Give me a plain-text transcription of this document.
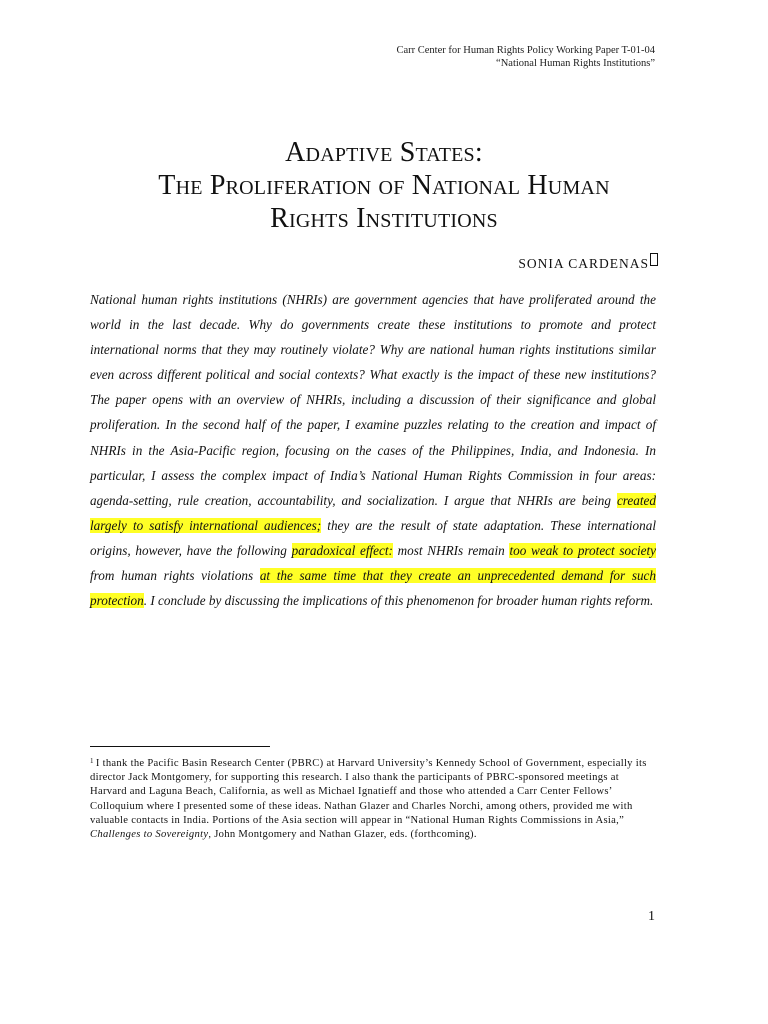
Carr Center for Human Rights Policy Working Paper T-01-04
“National Human Rights Institutions”
Adaptive States:
The Proliferation of National Human
Rights Institutions
SONIA CARDENAS
National human rights institutions (NHRIs) are government agencies that have proliferated around the world in the last decade. Why do governments create these institutions to promote and protect international norms that they may routinely violate? Why are national human rights institutions similar even across different political and social contexts? What exactly is the impact of these new institutions? The paper opens with an overview of NHRIs, including a discussion of their significance and global proliferation. In the second half of the paper, I examine puzzles relating to the creation and impact of NHRIs in the Asia-Pacific region, focusing on the cases of the Philippines, India, and Indonesia. In particular, I assess the complex impact of India’s National Human Rights Commission in four areas: agenda-setting, rule creation, accountability, and socialization. I argue that NHRIs are being created largely to satisfy international audiences; they are the result of state adaptation. These international origins, however, have the following paradoxical effect: most NHRIs remain too weak to protect society from human rights violations at the same time that they create an unprecedented demand for such protection. I conclude by discussing the implications of this phenomenon for broader human rights reform.
$^1$ I thank the Pacific Basin Research Center (PBRC) at Harvard University’s Kennedy School of Government, especially its director Jack Montgomery, for supporting this research. I also thank the participants of PBRC-sponsored meetings at Harvard and Laguna Beach, California, as well as Michael Ignatieff and those who attended a Carr Center Fellows’ Colloquium where I presented some of these ideas. Nathan Glazer and Charles Norchi, among others, provided me with valuable contacts in India. Portions of the Asia section will appear in “National Human Rights Commissions in Asia,” Challenges to Sovereignty, John Montgomery and Nathan Glazer, eds. (forthcoming).
1
